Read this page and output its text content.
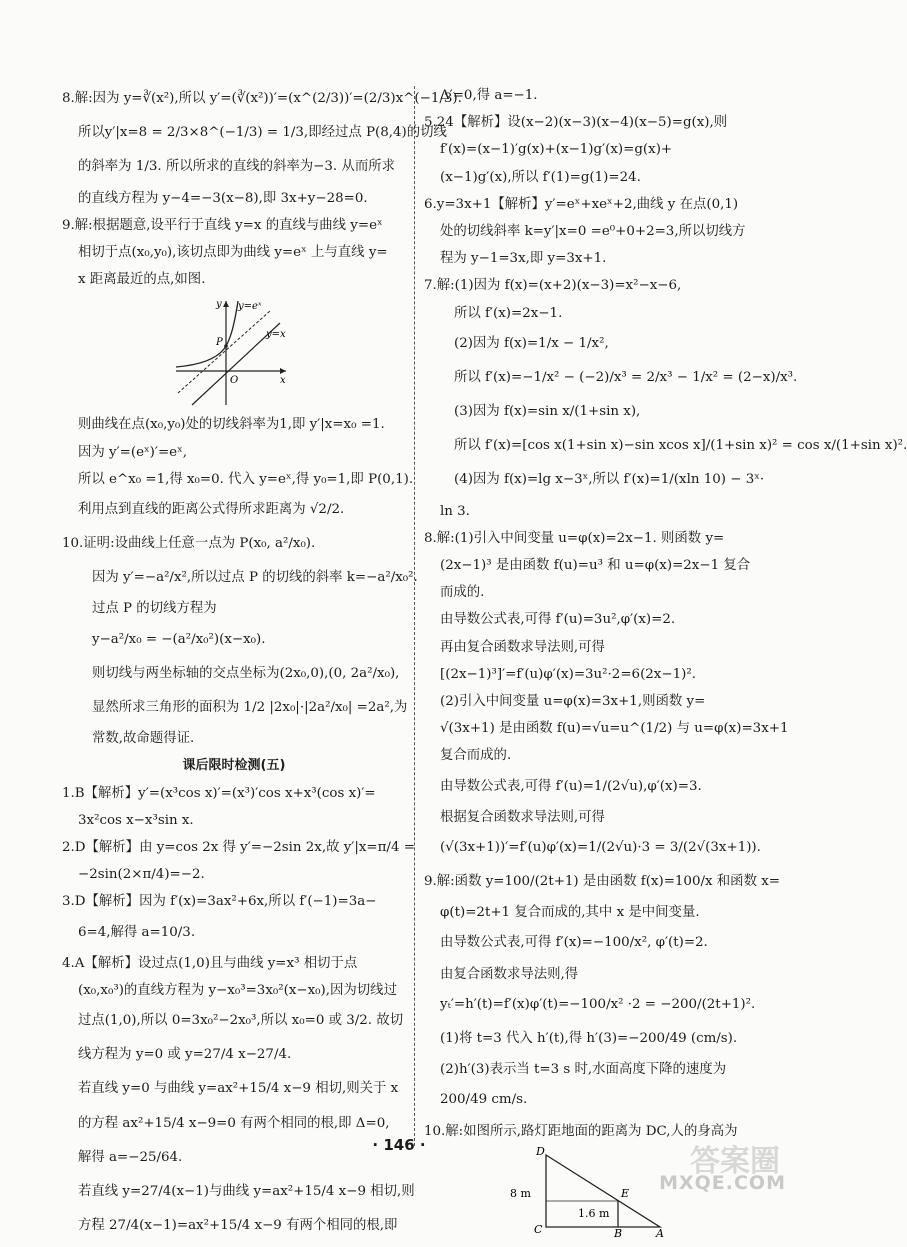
8.解:因为 y=∛(x²),所以 y′=(∛(x²))′=(x^(2/3))′=(2/3)x^(−1/3).
所以y′|x=8 = 2/3×8^(−1/3) = 1/3,即经过点 P(8,4)的切线
的斜率为 1/3. 所以所求的直线的斜率为−3. 从而所求
的直线方程为 y−4=−3(x−8),即 3x+y−28=0.
9.解:根据题意,设平行于直线 y=x 的直线与曲线 y=eˣ
相切于点(x₀,y₀),该切点即为曲线 y=eˣ 上与直线 y=
x 距离最近的点,如图.
y=eˣ
y=x
x
y
P
O
则曲线在点(x₀,y₀)处的切线斜率为1,即 y′|x=x₀ =1.
因为 y′=(eˣ)′=eˣ,
所以 e^x₀ =1,得 x₀=0. 代入 y=eˣ,得 y₀=1,即 P(0,1).
利用点到直线的距离公式得所求距离为 √2/2.
10.证明:设曲线上任意一点为 P(x₀, a²/x₀).
因为 y′=−a²/x²,所以过点 P 的切线的斜率 k=−a²/x₀².
过点 P 的切线方程为
y−a²/x₀ = −(a²/x₀²)(x−x₀).
则切线与两坐标轴的交点坐标为(2x₀,0),(0, 2a²/x₀),
显然所求三角形的面积为 1/2 |2x₀|·|2a²/x₀| =2a²,为
常数,故命题得证.
课后限时检测(五)
1.B【解析】y′=(x³cos x)′=(x³)′cos x+x³(cos x)′=
3x²cos x−x³sin x.
2.D【解析】由 y=cos 2x 得 y′=−2sin 2x,故 y′|x=π/4 =
−2sin(2×π/4)=−2.
3.D【解析】因为 f′(x)=3ax²+6x,所以 f′(−1)=3a−
6=4,解得 a=10/3.
4.A【解析】设过点(1,0)且与曲线 y=x³ 相切于点
(x₀,x₀³)的直线方程为 y−x₀³=3x₀²(x−x₀),因为切线过
过点(1,0),所以 0=3x₀²−2x₀³,所以 x₀=0 或 3/2. 故切
线方程为 y=0 或 y=27/4 x−27/4.
若直线 y=0 与曲线 y=ax²+15/4 x−9 相切,则关于 x
的方程 ax²+15/4 x−9=0 有两个相同的根,即 Δ=0,
解得 a=−25/64.
若直线 y=27/4(x−1)与曲线 y=ax²+15/4 x−9 相切,则
方程 27/4(x−1)=ax²+15/4 x−9 有两个相同的根,即
Δ′=0,得 a=−1.
5.24【解析】设(x−2)(x−3)(x−4)(x−5)=g(x),则
f′(x)=(x−1)′g(x)+(x−1)g′(x)=g(x)+
(x−1)g′(x),所以 f′(1)=g(1)=24.
6.y=3x+1【解析】y′=eˣ+xeˣ+2,曲线 y 在点(0,1)
处的切线斜率 k=y′|x=0 =e⁰+0+2=3,所以切线方
程为 y−1=3x,即 y=3x+1.
7.解:(1)因为 f(x)=(x+2)(x−3)=x²−x−6,
所以 f′(x)=2x−1.
(2)因为 f(x)=1/x − 1/x²,
所以 f′(x)=−1/x² − (−2)/x³ = 2/x³ − 1/x² = (2−x)/x³.
(3)因为 f(x)=sin x/(1+sin x),
所以 f′(x)=[cos x(1+sin x)−sin xcos x]/(1+sin x)² = cos x/(1+sin x)².
(4)因为 f(x)=lg x−3ˣ,所以 f′(x)=1/(xln 10) − 3ˣ·
ln 3.
8.解:(1)引入中间变量 u=φ(x)=2x−1. 则函数 y=
(2x−1)³ 是由函数 f(u)=u³ 和 u=φ(x)=2x−1 复合
而成的.
由导数公式表,可得 f′(u)=3u²,φ′(x)=2.
再由复合函数求导法则,可得
[(2x−1)³]′=f′(u)φ′(x)=3u²·2=6(2x−1)².
(2)引入中间变量 u=φ(x)=3x+1,则函数 y=
√(3x+1) 是由函数 f(u)=√u=u^(1/2) 与 u=φ(x)=3x+1
复合而成的.
由导数公式表,可得 f′(u)=1/(2√u),φ′(x)=3.
根据复合函数求导法则,可得
(√(3x+1))′=f′(u)φ′(x)=1/(2√u)·3 = 3/(2√(3x+1)).
9.解:函数 y=100/(2t+1) 是由函数 f(x)=100/x 和函数 x=
φ(t)=2t+1 复合而成的,其中 x 是中间变量.
由导数公式表,可得 f′(x)=−100/x², φ′(t)=2.
由复合函数求导法则,得
yₜ′=h′(t)=f′(x)φ′(t)=−100/x² ·2 = −200/(2t+1)².
(1)将 t=3 代入 h′(t),得 h′(3)=−200/49 (cm/s).
(2)h′(3)表示当 t=3 s 时,水面高度下降的速度为
200/49 cm/s.
10.解:如图所示,路灯距地面的距离为 DC,人的身高为
D
E
C	B	A
8 m
1.6 m
· 146 ·	答案圈
MXQE.COM
